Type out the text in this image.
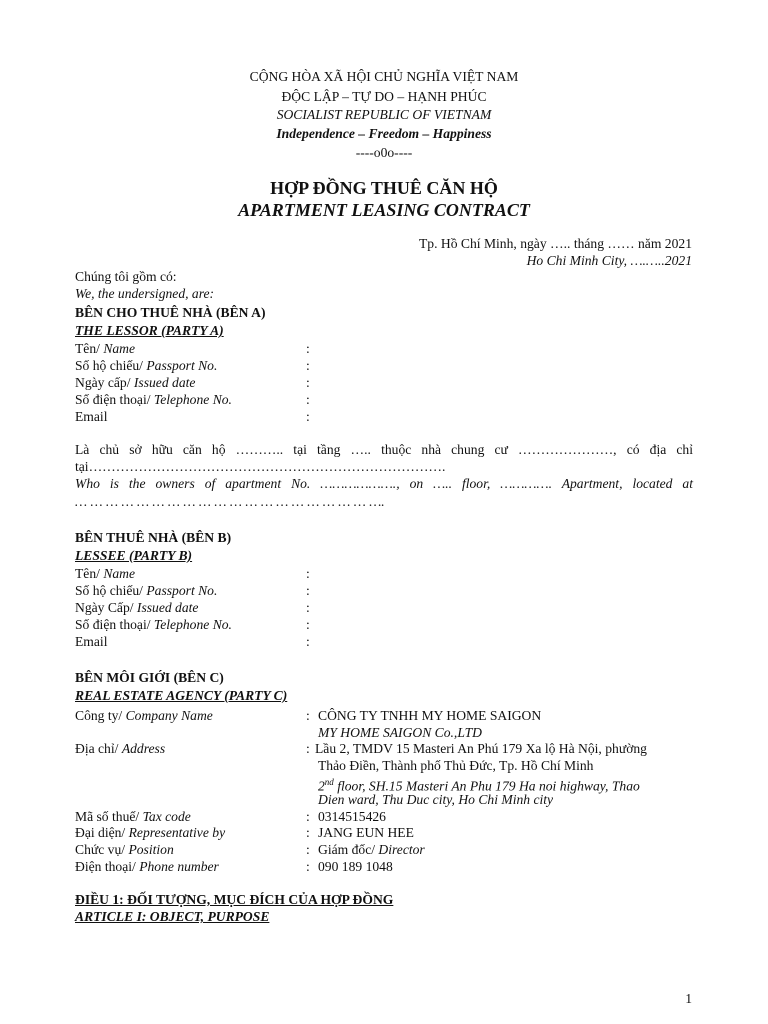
CỘNG HÒA XÃ HỘI CHỦ NGHĨA VIỆT NAM
ĐỘC LẬP – TỰ DO – HẠNH PHÚC
SOCIALIST REPUBLIC OF VIETNAM
Independence – Freedom – Happiness
----o0o----
HỢP ĐỒNG THUÊ CĂN HỘ
APARTMENT LEASING CONTRACT
Tp. Hồ Chí Minh, ngày ….. tháng …… năm 2021
Ho Chi Minh City, ….…..2021
Chúng tôi gồm có:
We, the undersigned, are:
BÊN CHO THUÊ NHÀ (BÊN A)
THE LESSOR (PARTY A)
Tên/ Name	:
Số hộ chiếu/ Passport No.	:
Ngày cấp/ Issued date	:
Số điện thoại/ Telephone No.	:
Email	:
Là chủ sở hữu căn hộ ……….. tại tầng ….. thuộc nhà chung cư …………………, có địa chỉ
tại…………………………………………………………………….
Who is the owners of apartment No. ………………., on ….. floor, …………. Apartment, located at
… … … … … … … … … … … … … … … … … … … ….
BÊN THUÊ NHÀ (BÊN B)
LESSEE (PARTY B)
Tên/ Name	:
Số hộ chiếu/ Passport No.	:
Ngày Cấp/ Issued date	:
Số điện thoại/ Telephone No.	:
Email	:
BÊN MÔI GIỚI (BÊN C)
REAL ESTATE AGENCY (PARTY C)
Công ty/ Company Name	: CÔNG TY TNHH MY HOME SAIGON
MY HOME SAIGON Co.,LTD
Địa chỉ/ Address	: Lầu 2, TMDV 15 Masteri An Phú 179 Xa lộ Hà Nội, phường
Thảo Điền, Thành phố Thủ Đức, Tp. Hồ Chí Minh
2nd floor, SH.15 Masteri An Phu 179 Ha noi highway, Thao
Dien ward, Thu Duc city, Ho Chi Minh city
Mã số thuế/ Tax code	: 0314515426
Đại diện/ Representative by	: JANG EUN HEE
Chức vụ/ Position	: Giám đốc/ Director
Điện thoại/ Phone number	: 090 189 1048
ĐIỀU 1: ĐỐI TƯỢNG, MỤC ĐÍCH CỦA HỢP ĐỒNG
ARTICLE I: OBJECT, PURPOSE
1
